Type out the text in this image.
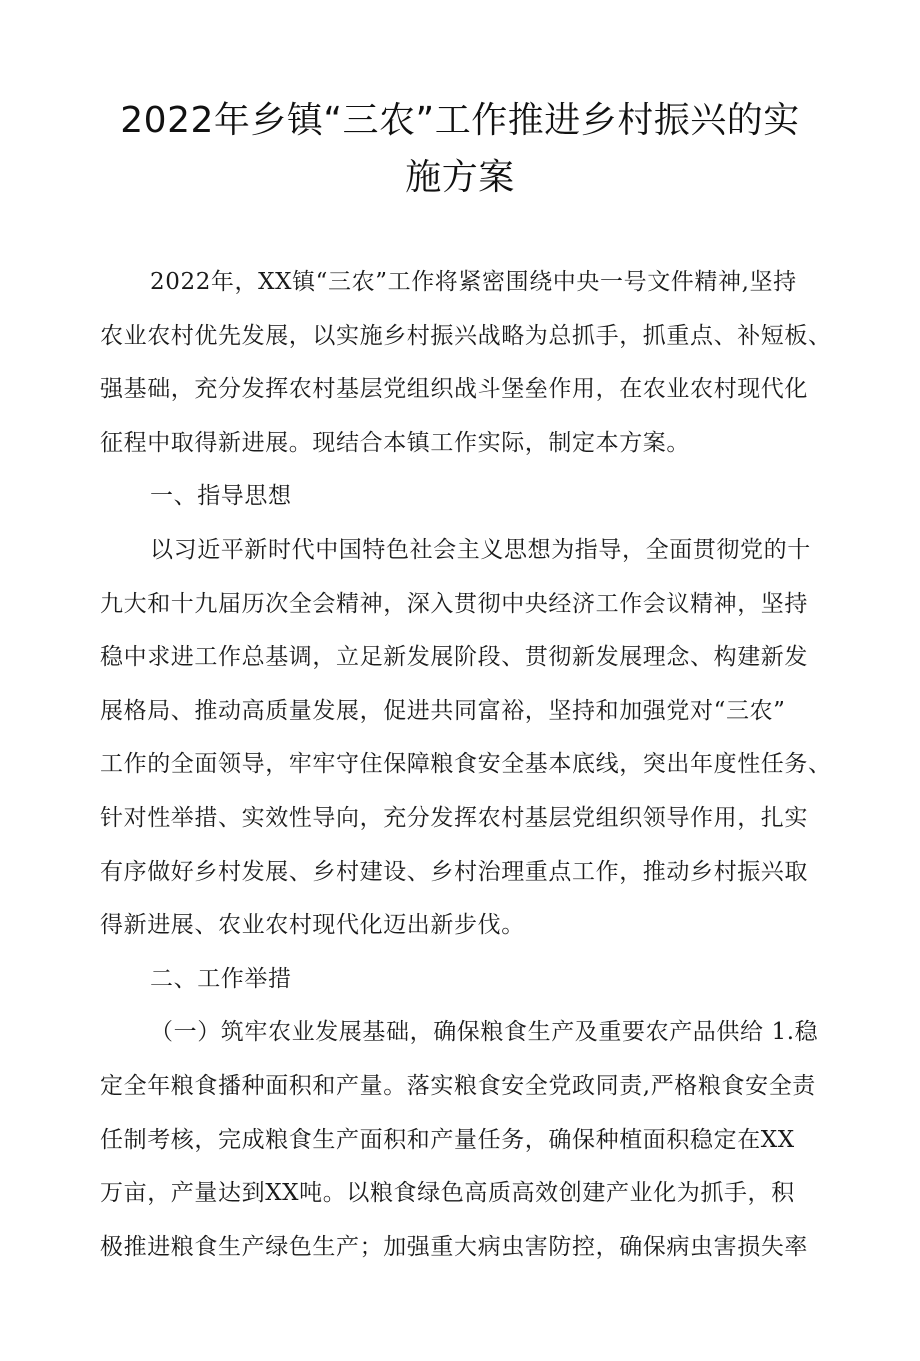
2022年乡镇“三农”工作推进乡村振兴的实
施方案

2022年，XX镇“三农”工作将紧密围绕中央一号文件精神,坚持
农业农村优先发展，以实施乡村振兴战略为总抓手，抓重点、补短板、
强基础，充分发挥农村基层党组织战斗堡垒作用，在农业农村现代化
征程中取得新进展。现结合本镇工作实际，制定本方案。

一、指导思想

以习近平新时代中国特色社会主义思想为指导，全面贯彻党的十
九大和十九届历次全会精神，深入贯彻中央经济工作会议精神，坚持
稳中求进工作总基调，立足新发展阶段、贯彻新发展理念、构建新发
展格局、推动高质量发展，促进共同富裕，坚持和加强党对“三农”
工作的全面领导，牢牢守住保障粮食安全基本底线，突出年度性任务、
针对性举措、实效性导向，充分发挥农村基层党组织领导作用，扎实
有序做好乡村发展、乡村建设、乡村治理重点工作，推动乡村振兴取
得新进展、农业农村现代化迈出新步伐。

二、工作举措

（一）筑牢农业发展基础，确保粮食生产及重要农产品供给 1.稳
定全年粮食播种面积和产量。落实粮食安全党政同责,严格粮食安全责
任制考核，完成粮食生产面积和产量任务，确保种植面积稳定在XX
万亩，产量达到XX吨。以粮食绿色高质高效创建产业化为抓手，积
极推进粮食生产绿色生产；加强重大病虫害防控，确保病虫害损失率
